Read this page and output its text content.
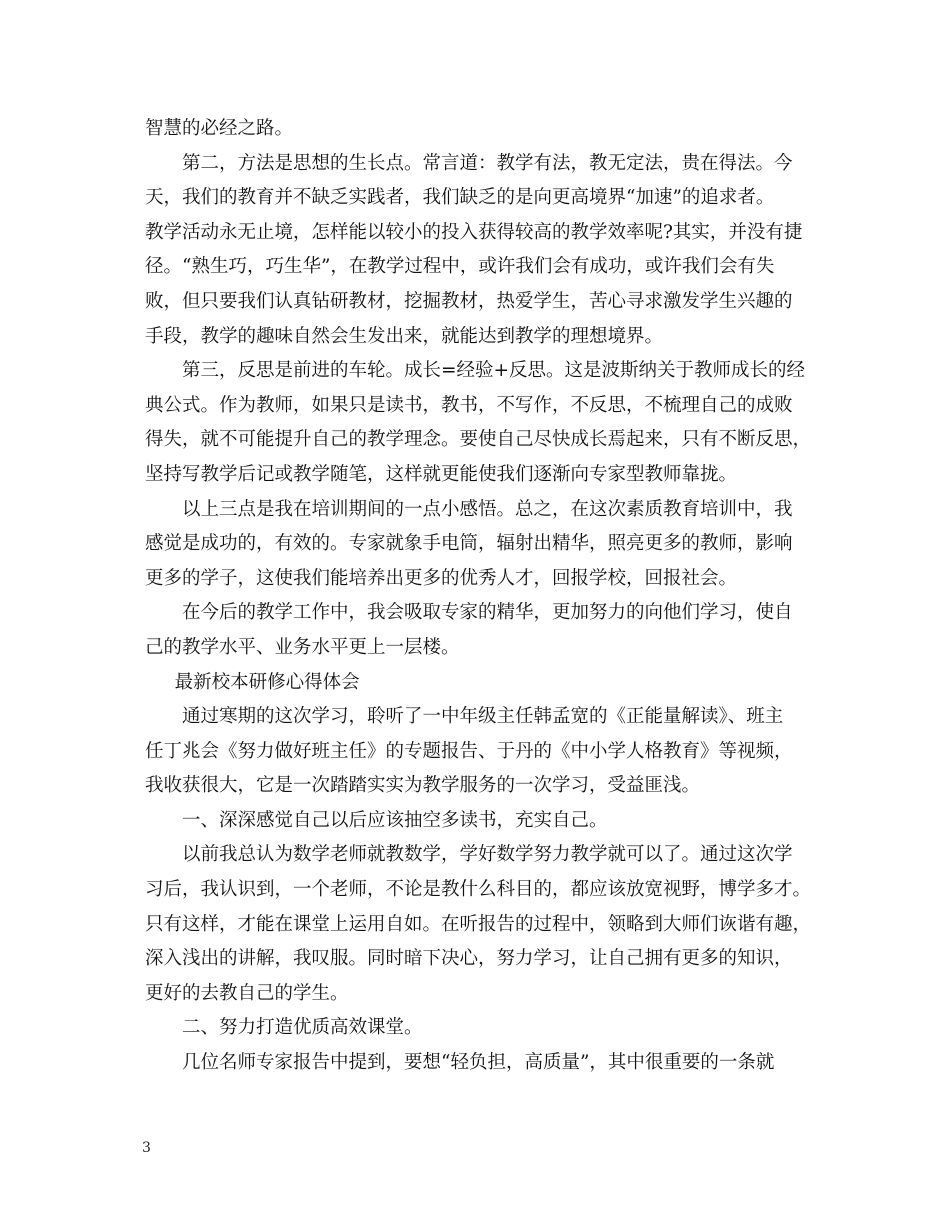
智慧的必经之路。

第二，方法是思想的生长点。常言道：教学有法，教无定法，贵在得法。今

天，我们的教育并不缺乏实践者，我们缺乏的是向更高境界“加速”的追求者。

教学活动永无止境，怎样能以较小的投入获得较高的教学效率呢?其实，并没有捷

径。“熟生巧，巧生华”，在教学过程中，或许我们会有成功，或许我们会有失

败，但只要我们认真钻研教材，挖掘教材，热爱学生，苦心寻求激发学生兴趣的

手段，教学的趣味自然会生发出来，就能达到教学的理想境界。

第三，反思是前进的车轮。成长=经验+反思。这是波斯纳关于教师成长的经

典公式。作为教师，如果只是读书，教书，不写作，不反思，不梳理自己的成败

得失，就不可能提升自己的教学理念。要使自己尽快成长焉起来，只有不断反思，

坚持写教学后记或教学随笔，这样就更能使我们逐渐向专家型教师靠拢。

以上三点是我在培训期间的一点小感悟。总之，在这次素质教育培训中，我

感觉是成功的，有效的。专家就象手电筒，辐射出精华，照亮更多的教师，影响

更多的学子，这使我们能培养出更多的优秀人才，回报学校，回报社会。

在今后的教学工作中，我会吸取专家的精华，更加努力的向他们学习，使自

己的教学水平、业务水平更上一层楼。

最新校本研修心得体会

通过寒期的这次学习，聆听了一中年级主任韩孟宽的《正能量解读》、班主

任丁兆会《努力做好班主任》的专题报告、于丹的《中小学人格教育》等视频，

我收获很大，它是一次踏踏实实为教学服务的一次学习，受益匪浅。

一、深深感觉自己以后应该抽空多读书，充实自己。

以前我总认为数学老师就教数学，学好数学努力教学就可以了。通过这次学

习后，我认识到，一个老师，不论是教什么科目的，都应该放宽视野，博学多才。

只有这样，才能在课堂上运用自如。在听报告的过程中，领略到大师们诙谐有趣，

深入浅出的讲解，我叹服。同时暗下决心，努力学习，让自己拥有更多的知识，

更好的去教自己的学生。

二、努力打造优质高效课堂。

几位名师专家报告中提到，要想“轻负担，高质量”，其中很重要的一条就

3
